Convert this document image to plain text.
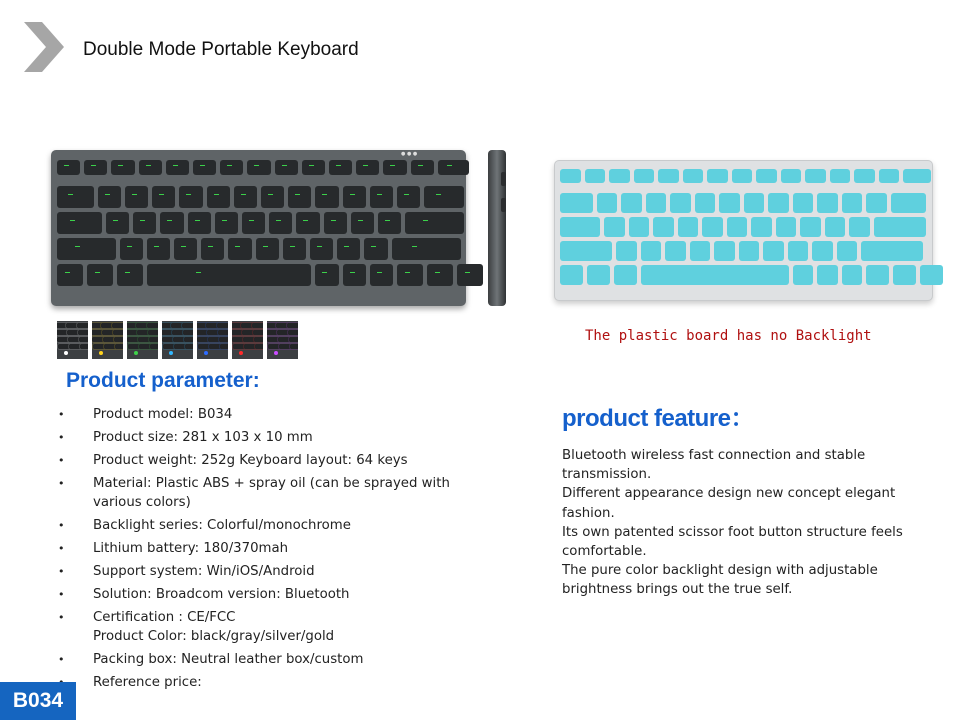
Double Mode Portable Keyboard
● ● ●
The plastic board has no Backlight
Product parameter:
• Product model: B034
• Product size: 281 x 103 x 10 mm
• Product weight: 252g Keyboard layout: 64 keys
• Material: Plastic ABS + spray oil (can be sprayed with various colors)
• Backlight series: Colorful/monochrome
• Lithium battery: 180/370mah
• Support system: Win/iOS/Android
• Solution: Broadcom version: Bluetooth
• Certification : CE/FCC
Product Color: black/gray/silver/gold
• Packing box: Neutral leather box/custom
Reference price:
product feature：

Bluetooth wireless fast connection and stable transmission.

Different appearance design new concept elegant fashion.

Its own patented scissor foot button structure feels comfortable.

The pure color backlight design with adjustable brightness brings out the true self.

B034
